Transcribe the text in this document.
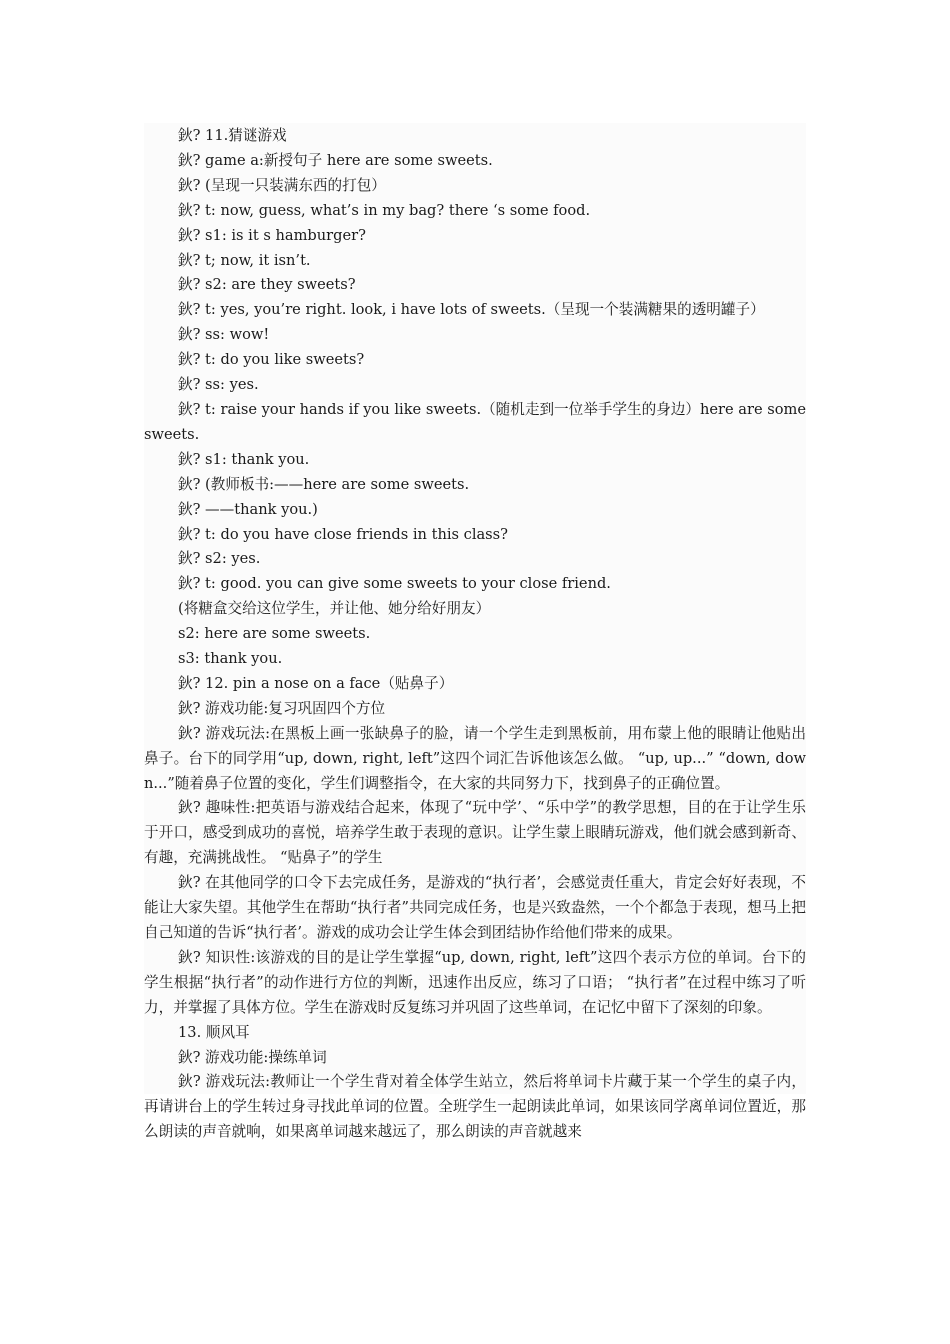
鈥? 11.猜谜游戏

鈥? game a:新授句子 here are some sweets.

鈥? (呈现一只装满东西的打包）

鈥? t: now, guess, what’s in my bag? there ‘s some food.

鈥? s1: is it s hamburger?

鈥? t; now, it isn’t.

鈥? s2: are they sweets?

鈥? t: yes, you’re right. look, i have lots of sweets.（呈现一个装满糖果的透明罐子）

鈥? ss: wow!

鈥? t: do you like sweets?

鈥? ss: yes.

鈥? t: raise your hands if you like sweets.（随机走到一位举手学生的身边）here are some sweets.

鈥? s1: thank you.

鈥? (教师板书:——here are some sweets.

鈥? ——thank you.)

鈥? t: do you have close friends in this class?

鈥? s2: yes.

鈥? t: good. you can give some sweets to your close friend.

(将糖盒交给这位学生，并让他、她分给好朋友）

s2: here are some sweets.

s3: thank you.

鈥? 12. pin a nose on a face（贴鼻子）

鈥? 游戏功能:复习巩固四个方位

鈥? 游戏玩法:在黑板上画一张缺鼻子的脸，请一个学生走到黑板前，用布蒙上他的眼睛让他贴出鼻子。台下的同学用“up, down, right, left”这四个词汇告诉他该怎么做。 “up, up...” “down, down...”随着鼻子位置的变化，学生们调整指令，在大家的共同努力下，找到鼻子的正确位置。

鈥? 趣味性:把英语与游戏结合起来，体现了“玩中学’、“乐中学”的教学思想，目的在于让学生乐于开口，感受到成功的喜悦，培养学生敢于表现的意识。让学生蒙上眼睛玩游戏，他们就会感到新奇、有趣，充满挑战性。 “贴鼻子”的学生

鈥? 在其他同学的口令下去完成任务，是游戏的“执行者’，会感觉责任重大，肯定会好好表现，不能让大家失望。其他学生在帮助“执行者”共同完成任务，也是兴致盎然，一个个都急于表现，想马上把自己知道的告诉“执行者’。游戏的成功会让学生体会到团结协作给他们带来的成果。

鈥? 知识性:该游戏的目的是让学生掌握“up, down, right, left”这四个表示方位的单词。台下的学生根据“执行者”的动作进行方位的判断，迅速作出反应，练习了口语； “执行者”在过程中练习了听力，并掌握了具体方位。学生在游戏时反复练习并巩固了这些单词，在记忆中留下了深刻的印象。

13. 顺风耳

鈥? 游戏功能:操练单词

鈥? 游戏玩法:教师让一个学生背对着全体学生站立，然后将单词卡片藏于某一个学生的桌子内，再请讲台上的学生转过身寻找此单词的位置。全班学生一起朗读此单词，如果该同学离单词位置近，那么朗读的声音就响，如果离单词越来越远了，那么朗读的声音就越来
